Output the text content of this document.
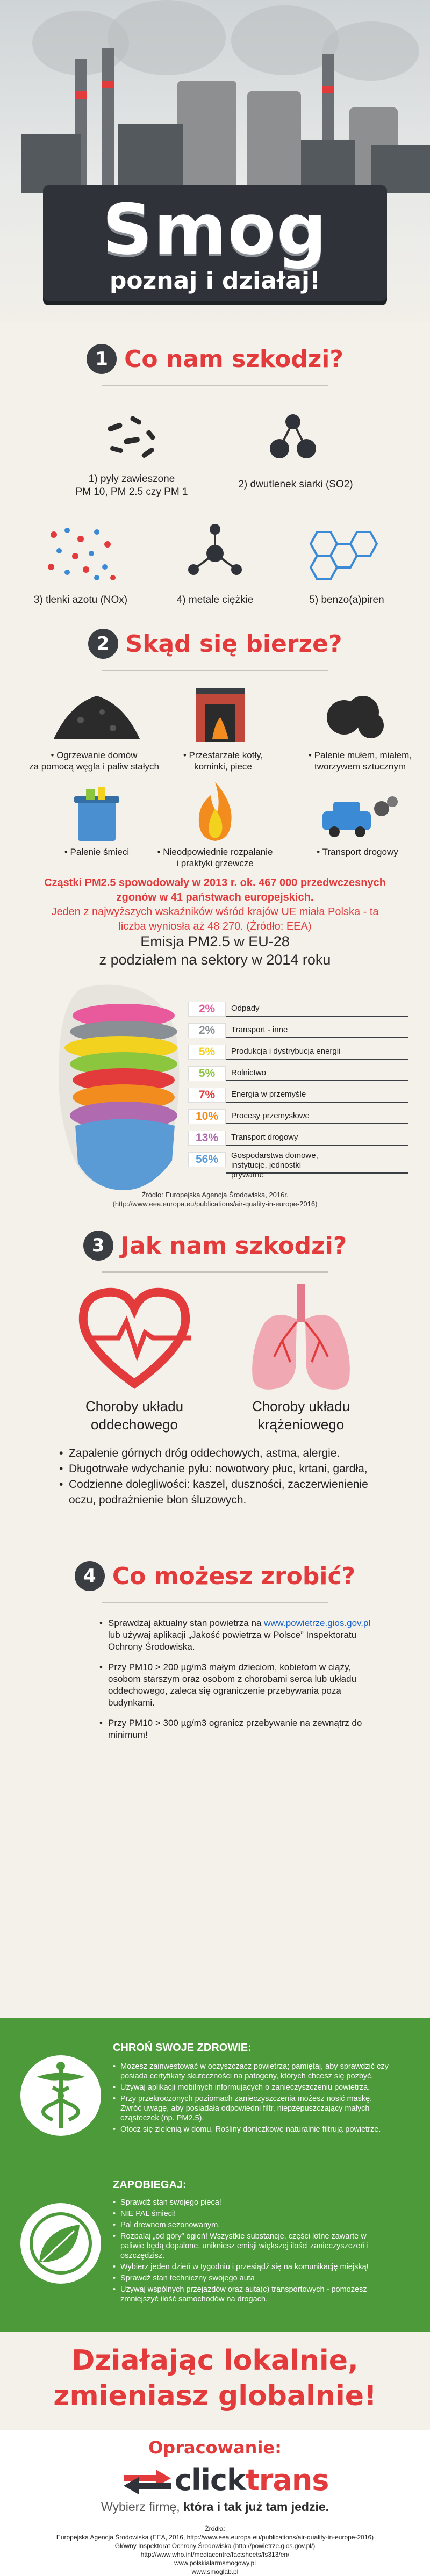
Smog
poznaj i działaj!
1 Co nam szkodzi?
1) pyły zawieszone
PM 10, PM 2.5 czy PM 1
2) dwutlenek siarki (SO2)
3) tlenki azotu (NOx)	4) metale ciężkie	5) benzo(a)piren
2 Skąd się bierze?
• Ogrzewanie domów
za pomocą węgla i paliw stałych
• Przestarzałe kotły,
kominki, piece
• Palenie mułem, miałem,
tworzywem sztucznym
• Palenie śmieci	• Nieodpowiednie rozpalanie
i praktyki grzewcze
• Transport drogowy
Cząstki PM2.5 spowodowały w 2013 r. ok. 467 000 przedwczesnych zgonów w 41 państwach europejskich.
Jeden z najwyższych wskaźników wśród krajów UE miała Polska - ta liczba wyniosła aż 48 270. (Źródło: EEA)
Emisja PM2.5 w EU-28
z podziałem na sektory w 2014 roku
2%	Odpady
2%	Transport - inne
5%	Produkcja i dystrybucja energii
5%	Rolnictwo
7%	Energia w przemyśle
10%	Procesy przemysłowe
13%	Transport drogowy
56%	Gospodarstwa domowe, instytucje, jednostki prywatne
Źródło: Europejska Agencja Środowiska, 2016r.
(http://www.eea.europa.eu/publications/air-quality-in-europe-2016)
3 Jak nam szkodzi?
Choroby układu
oddechowego
Choroby układu
krążeniowego
• Zapalenie górnych dróg oddechowych, astma, alergie.
• Długotrwałe wdychanie pyłu: nowotwory płuc, krtani, gardła,
• Codzienne dolegliwości: kaszel, duszności, zaczerwienienie oczu, podrażnienie błon śluzowych.
4 Co możesz zrobić?
• Sprawdzaj aktualny stan powietrza na www.powietrze.gios.gov.pl lub używaj aplikacji „Jakość powietrza w Polsce” Inspektoratu Ochrony Środowiska.
• Przy PM10 > 200 µg/m3 małym dzieciom, kobietom w ciąży, osobom starszym oraz osobom z chorobami serca lub układu oddechowego, zaleca się ograniczenie przebywania poza budynkami.
• Przy PM10 > 300 µg/m3 ogranicz przebywanie na zewnątrz do minimum!
CHROŃ SWOJE ZDROWIE:
• Możesz zainwestować w oczyszczacz powietrza; pamiętaj, aby sprawdzić czy posiada certyfikaty skuteczności na patogeny, których chcesz się pozbyć.
• Używaj aplikacji mobilnych informujących o zanieczyszczeniu powietrza.
• Przy przekroczonych poziomach zanieczyszczenia możesz nosić maskę. Zwróć uwagę, aby posiadała odpowiedni filtr, niepzepuszczający małych cząsteczek (np. PM2.5).
• Otocz się zielenią w domu. Rośliny doniczkowe naturalnie filtrują powietrze.
ZAPOBIEGAJ:
• Sprawdź stan swojego pieca!
• NIE PAL śmieci!
• Pal drewnem sezonowanym.
• Rozpalaj „od góry” ogień! Wszystkie substancje, części lotne zawarte w paliwie będą dopalone, unikniesz emisji większej ilości zanieczyszczeń i oszczędzisz.
• Wybierz jeden dzień w tygodniu i przesiądź się na komunikację miejską!
• Sprawdź stan techniczny swojego auta
• Używaj wspólnych przejazdów oraz auta(c) transportowych - pomożesz zmniejszyć ilość samochodów na drogach.
Działając lokalnie,
zmieniasz globalnie!
Opracowanie:
clicktrans
Wybierz firmę, która i tak już tam jedzie.
Źródła:
Europejska Agencja Środowiska (EEA, 2016, http://www.eea.europa.eu/publications/air-quality-in-europe-2016)
Główny Inspektorat Ochrony Środowiska (http://powietrze.gios.gov.pl/)
http://www.who.int/mediacentre/factsheets/fs313/en/
www.polskialarmsmogowy.pl
www.smoglab.pl
